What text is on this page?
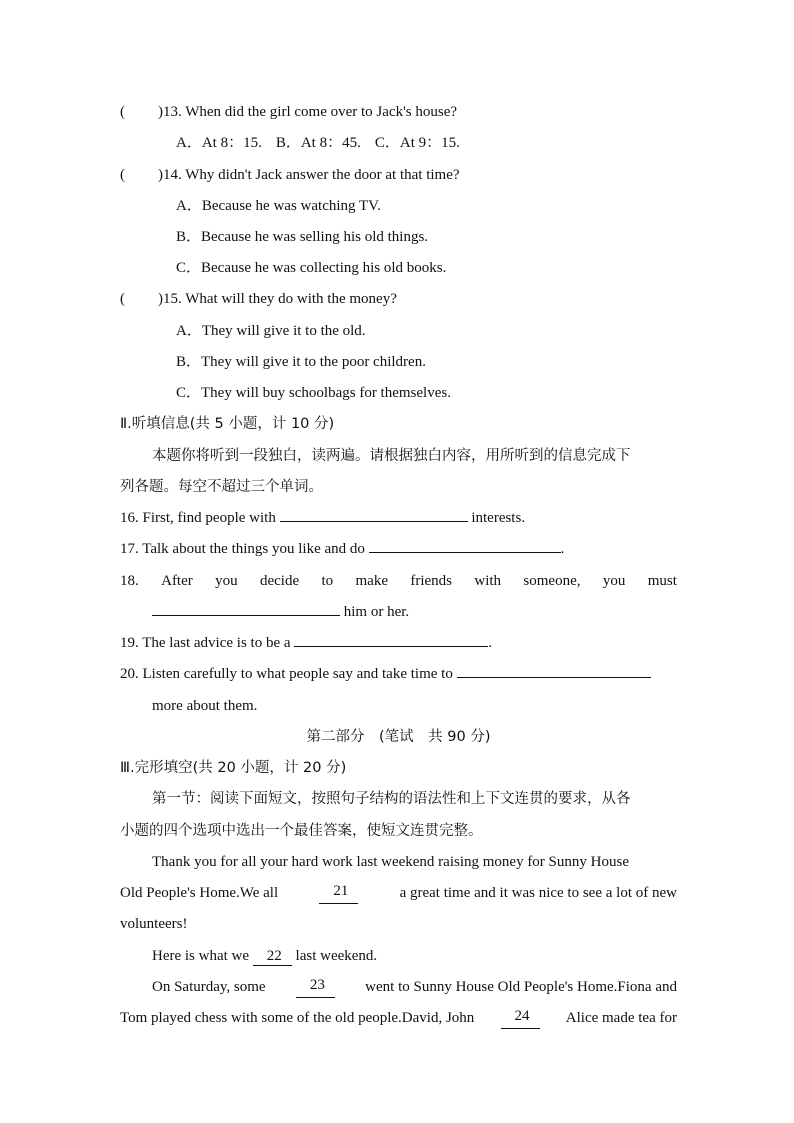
( )13. When did the girl come over to Jack's house?
A．At 8：15. B．At 8：45. C．At 9：15.
( )14. Why didn't Jack answer the door at that time?
A．Because he was watching TV.
B．Because he was selling his old things.
C．Because he was collecting his old books.
( )15. What will they do with the money?
A．They will give it to the old.
B．They will give it to the poor children.
C．They will buy schoolbags for themselves.
Ⅱ.听填信息(共 5 小题，计 10 分)
本题你将听到一段独白，读两遍。请根据独白内容，用所听到的信息完成下
列各题。每空不超过三个单词。
16. First, find people with	interests.
17. Talk about the things you like and do	.
18. After you decide to make friends with someone, you must
him or her.
19. The last advice is to be a	.
20. Listen carefully to what people say and take time to
more about them.
第二部分　(笔试　共 90 分)
Ⅲ.完形填空(共 20 小题，计 20 分)
第一节：阅读下面短文，按照句子结构的语法性和上下文连贯的要求，从各
小题的四个选项中选出一个最佳答案，使短文连贯完整。
Thank you for all your hard work last weekend raising money for Sunny House
Old People's Home.We all	21	a great time and it was nice to see a lot of new
volunteers!
Here is what we 22 last weekend.
On Saturday, some	23	went to Sunny House Old People's Home.Fiona and
Tom played chess with some of the old people.David, John	24	Alice made tea for
